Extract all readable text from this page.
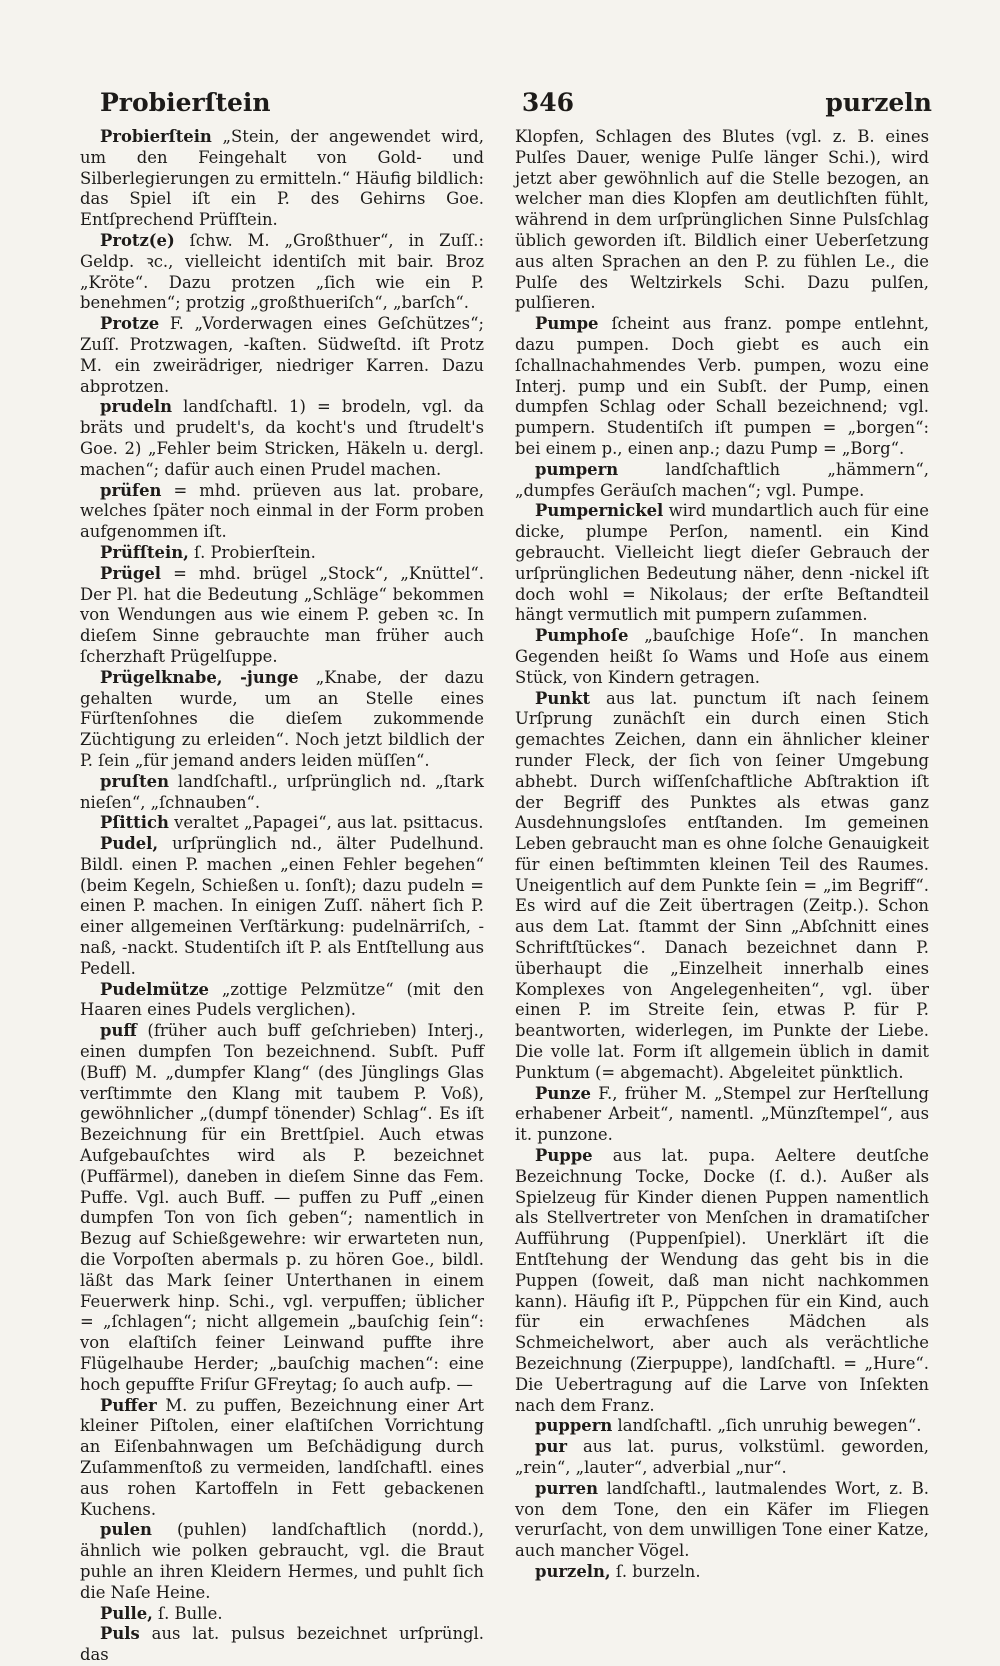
Probierſtein	346	purzeln

Probierſtein „Stein, der angewendet wird, um den Feingehalt von Gold- und Silberlegierungen zu ermitteln.“ Häufig bildlich: das Spiel iſt ein P. des Gehirns Goe. Entſprechend Prüfſtein.

Protz(e) ſchw. M. „Großthuer“, in Zuſſ.: Geldp. ꝛc., vielleicht identiſch mit bair. Broz „Kröte“. Dazu protzen „ſich wie ein P. benehmen“; protzig „großthueriſch“, „barſch“.

Protze F. „Vorderwagen eines Geſchützes“; Zuſſ. Protzwagen, -kaſten. Südweſtd. iſt Protz M. ein zweirädriger, niedriger Karren. Dazu abprotzen.

prudeln landſchaftl. 1) = brodeln, vgl. da bräts und prudelt's, da kocht's und ſtrudelt's Goe. 2) „Fehler beim Stricken, Häkeln u. dergl. machen“; dafür auch einen Prudel machen.

prüfen = mhd. prüeven aus lat. probare, welches ſpäter noch einmal in der Form proben aufgenommen iſt.

Prüfſtein, ſ. Probierſtein.

Prügel = mhd. brügel „Stock“, „Knüttel“. Der Pl. hat die Bedeutung „Schläge“ bekommen von Wendungen aus wie einem P. geben ꝛc. In dieſem Sinne gebrauchte man früher auch ſcherzhaft Prügelſuppe.

Prügelknabe, -junge „Knabe, der dazu gehalten wurde, um an Stelle eines Fürſtenſohnes die dieſem zukommende Züchtigung zu erleiden“. Noch jetzt bildlich der P. ſein „für jemand anders leiden müſſen“.

pruſten landſchaftl., urſprünglich nd. „ſtark nieſen“, „ſchnauben“.

Pſittich veraltet „Papagei“, aus lat. psittacus.

Pudel, urſprünglich nd., älter Pudelhund. Bildl. einen P. machen „einen Fehler begehen“ (beim Kegeln, Schießen u. ſonſt); dazu pudeln = einen P. machen. In einigen Zuſſ. nähert ſich P. einer allgemeinen Verſtärkung: pudelnärriſch, -naß, -nackt. Studentiſch iſt P. als Entſtellung aus Pedell.

Pudelmütze „zottige Pelzmütze“ (mit den Haaren eines Pudels verglichen).

puff (früher auch buff geſchrieben) Interj., einen dumpfen Ton bezeichnend. Subſt. Puff (Buff) M. „dumpfer Klang“ (des Jünglings Glas verſtimmte den Klang mit taubem P. Voß), gewöhnlicher „(dumpf tönender) Schlag“. Es iſt Bezeichnung für ein Brettſpiel. Auch etwas Aufgebauſchtes wird als P. bezeichnet (Puffärmel), daneben in dieſem Sinne das Fem. Puffe. Vgl. auch Buff. — puffen zu Puff „einen dumpfen Ton von ſich geben“; namentlich in Bezug auf Schießgewehre: wir erwarteten nun, die Vorpoſten abermals p. zu hören Goe., bildl. läßt das Mark ſeiner Unterthanen in einem Feuerwerk hinp. Schi., vgl. verpuffen; üblicher = „ſchlagen“; nicht allgemein „bauſchig ſein“: von elaſtiſch feiner Leinwand puffte ihre Flügelhaube Herder; „bauſchig machen“: eine hoch gepuffte Friſur GFreytag; ſo auch aufp. —

Puffer M. zu puffen, Bezeichnung einer Art kleiner Piſtolen, einer elaſtiſchen Vorrichtung an Eiſenbahnwagen um Beſchädigung durch Zuſammenſtoß zu vermeiden, landſchaftl. eines aus rohen Kartoffeln in Fett gebackenen Kuchens.

pulen (puhlen) landſchaftlich (nordd.), ähnlich wie polken gebraucht, vgl. die Braut puhle an ihren Kleidern Hermes, und puhlt ſich die Naſe Heine.

Pulle, ſ. Bulle.

Puls aus lat. pulsus bezeichnet urſprüngl. das

Klopfen, Schlagen des Blutes (vgl. z. B. eines Pulſes Dauer, wenige Pulſe länger Schi.), wird jetzt aber gewöhnlich auf die Stelle bezogen, an welcher man dies Klopfen am deutlichſten fühlt, während in dem urſprünglichen Sinne Pulsſchlag üblich geworden iſt. Bildlich einer Ueberſetzung aus alten Sprachen an den P. zu fühlen Le., die Pulſe des Weltzirkels Schi. Dazu pulſen, pulſieren.

Pumpe ſcheint aus franz. pompe entlehnt, dazu pumpen. Doch giebt es auch ein ſchallnachahmendes Verb. pumpen, wozu eine Interj. pump und ein Subſt. der Pump, einen dumpfen Schlag oder Schall bezeichnend; vgl. pumpern. Studentiſch iſt pumpen = „borgen“: bei einem p., einen anp.; dazu Pump = „Borg“.

pumpern landſchaftlich „hämmern“, „dumpfes Geräuſch machen“; vgl. Pumpe.

Pumpernickel wird mundartlich auch für eine dicke, plumpe Perſon, namentl. ein Kind gebraucht. Vielleicht liegt dieſer Gebrauch der urſprünglichen Bedeutung näher, denn -nickel iſt doch wohl = Nikolaus; der erſte Beſtandteil hängt vermutlich mit pumpern zuſammen.

Pumphoſe „bauſchige Hoſe“. In manchen Gegenden heißt ſo Wams und Hoſe aus einem Stück, von Kindern getragen.

Punkt aus lat. punctum iſt nach ſeinem Urſprung zunächſt ein durch einen Stich gemachtes Zeichen, dann ein ähnlicher kleiner runder Fleck, der ſich von ſeiner Umgebung abhebt. Durch wiſſenſchaftliche Abſtraktion iſt der Begriff des Punktes als etwas ganz Ausdehnungsloſes entſtanden. Im gemeinen Leben gebraucht man es ohne ſolche Genauigkeit für einen beſtimmten kleinen Teil des Raumes. Uneigentlich auf dem Punkte ſein = „im Begriff“. Es wird auf die Zeit übertragen (Zeitp.). Schon aus dem Lat. ſtammt der Sinn „Abſchnitt eines Schriftſtückes“. Danach bezeichnet dann P. überhaupt die „Einzelheit innerhalb eines Komplexes von Angelegenheiten“, vgl. über einen P. im Streite ſein, etwas P. für P. beantworten, widerlegen, im Punkte der Liebe. Die volle lat. Form iſt allgemein üblich in damit Punktum (= abgemacht). Abgeleitet pünktlich.

Punze F., früher M. „Stempel zur Herſtellung erhabener Arbeit“, namentl. „Münzſtempel“, aus it. punzone.

Puppe aus lat. pupa. Aeltere deutſche Bezeichnung Tocke, Docke (ſ. d.). Außer als Spielzeug für Kinder dienen Puppen namentlich als Stellvertreter von Menſchen in dramatiſcher Aufführung (Puppenſpiel). Unerklärt iſt die Entſtehung der Wendung das geht bis in die Puppen (ſoweit, daß man nicht nachkommen kann). Häufig iſt P., Püppchen für ein Kind, auch für ein erwachſenes Mädchen als Schmeichelwort, aber auch als verächtliche Bezeichnung (Zierpuppe), landſchaftl. = „Hure“. Die Uebertragung auf die Larve von Inſekten nach dem Franz.

puppern landſchaftl. „ſich unruhig bewegen“.

pur aus lat. purus, volkstüml. geworden, „rein“, „lauter“, adverbial „nur“.

purren landſchaftl., lautmalendes Wort, z. B. von dem Tone, den ein Käfer im Fliegen verurſacht, von dem unwilligen Tone einer Katze, auch mancher Vögel.

purzeln, ſ. burzeln.
